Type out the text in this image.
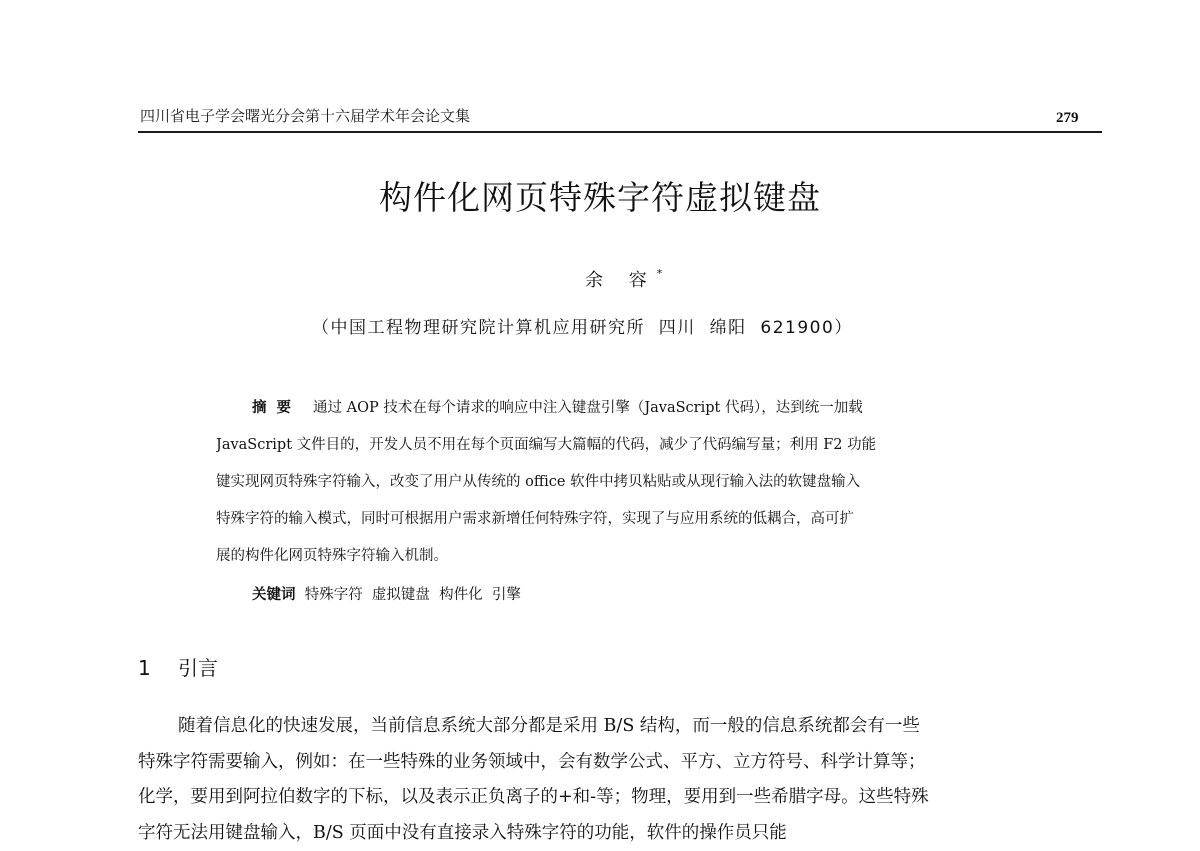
四川省电子学会曙光分会第十六届学术年会论文集	279
构件化网页特殊字符虚拟键盘
余 容*
（中国工程物理研究院计算机应用研究所  四川  绵阳  621900）
摘要 通过 AOP 技术在每个请求的响应中注入键盘引擎（JavaScript 代码），达到统一加载
JavaScript 文件目的，开发人员不用在每个页面编写大篇幅的代码，减少了代码编写量；利用 F2 功能
键实现网页特殊字符输入，改变了用户从传统的 office 软件中拷贝粘贴或从现行输入法的软键盘输入
特殊字符的输入模式，同时可根据用户需求新增任何特殊字符，实现了与应用系统的低耦合，高可扩
展的构件化网页特殊字符输入机制。
关键词 特殊字符  虚拟键盘  构件化  引擎
1 引言
随着信息化的快速发展，当前信息系统大部分都是采用 B/S 结构，而一般的信息系统都会有一些
特殊字符需要输入，例如：在一些特殊的业务领域中，会有数学公式、平方、立方符号、科学计算等；
化学，要用到阿拉伯数字的下标，以及表示正负离子的+和-等；物理，要用到一些希腊字母。这些特殊
字符无法用键盘输入，B/S 页面中没有直接录入特殊字符的功能，软件的操作员只能
